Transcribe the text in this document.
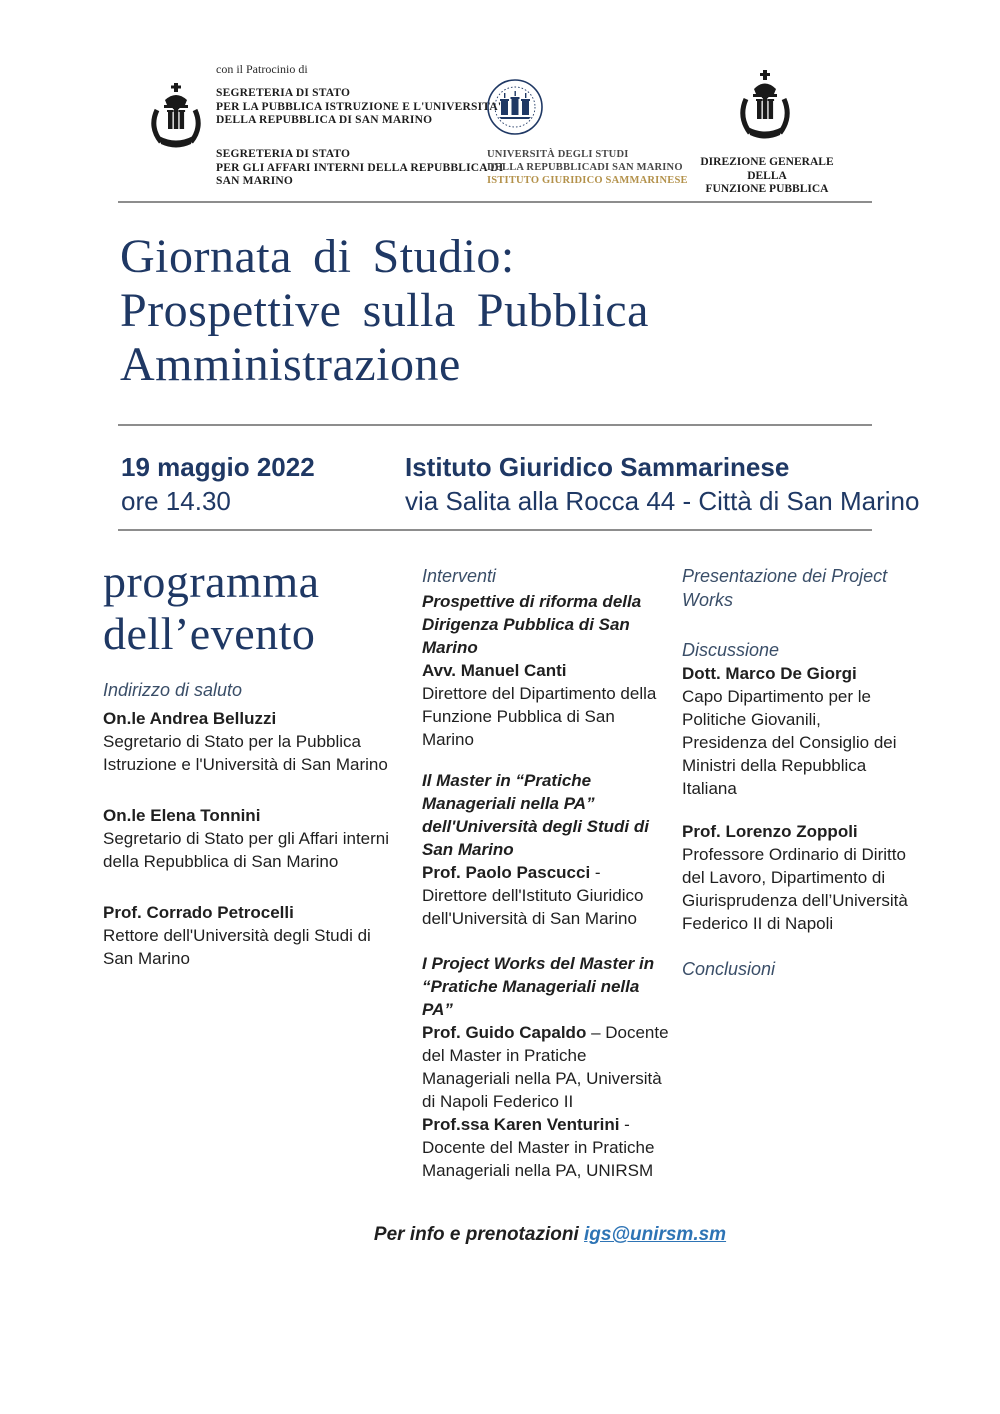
con il Patrocinio di
SEGRETERIA DI STATO
PER LA PUBBLICA ISTRUZIONE E L'UNIVERSITA'
DELLA REPUBBLICA DI SAN MARINO
SEGRETERIA DI STATO
PER GLI AFFARI INTERNI DELLA REPUBBLICA DI
SAN MARINO
UNIVERSITÀ DEGLI STUDI
DELLA REPUBBLICADI SAN MARINO
ISTITUTO GIURIDICO SAMMARINESE
DIREZIONE GENERALE DELLA
FUNZIONE PUBBLICA
Giornata di Studio:
Prospettive sulla Pubblica
Amministrazione
19 maggio 2022
ore 14.30
Istituto Giuridico Sammarinese
via Salita alla Rocca 44 - Città di San Marino
programma
dell’evento
Indirizzo di saluto

On.le Andrea Belluzzi

Segretario di Stato per la Pubblica Istruzione e l'Università di San Marino

On.le Elena Tonnini

Segretario di Stato per gli Affari interni della Repubblica di San Marino

Prof. Corrado Petrocelli

Rettore dell'Università degli Studi di San Marino

Interventi

Prospettive di riforma della Dirigenza Pubblica di San Marino

Avv. Manuel Canti

Direttore del Dipartimento della Funzione Pubblica di San Marino

Il Master in “Pratiche Manageriali nella PA” dell'Università degli Studi di San Marino

Prof. Paolo Pascucci - Direttore dell'Istituto Giuridico dell'Università di San Marino

I Project Works del Master in “Pratiche Manageriali nella PA”

Prof. Guido Capaldo – Docente del Master in Pratiche Manageriali nella PA, Università di Napoli Federico II

Prof.ssa Karen Venturini - Docente del Master in Pratiche Manageriali nella PA, UNIRSM

Presentazione dei Project Works
Discussione

Dott. Marco De Giorgi

Capo Dipartimento per le Politiche Giovanili, Presidenza del Consiglio dei Ministri della Repubblica Italiana

Prof. Lorenzo Zoppoli

Professore Ordinario di Diritto del Lavoro, Dipartimento di Giurisprudenza dell’Università Federico II di Napoli

Conclusioni
Per info e prenotazioni igs@unirsm.sm
